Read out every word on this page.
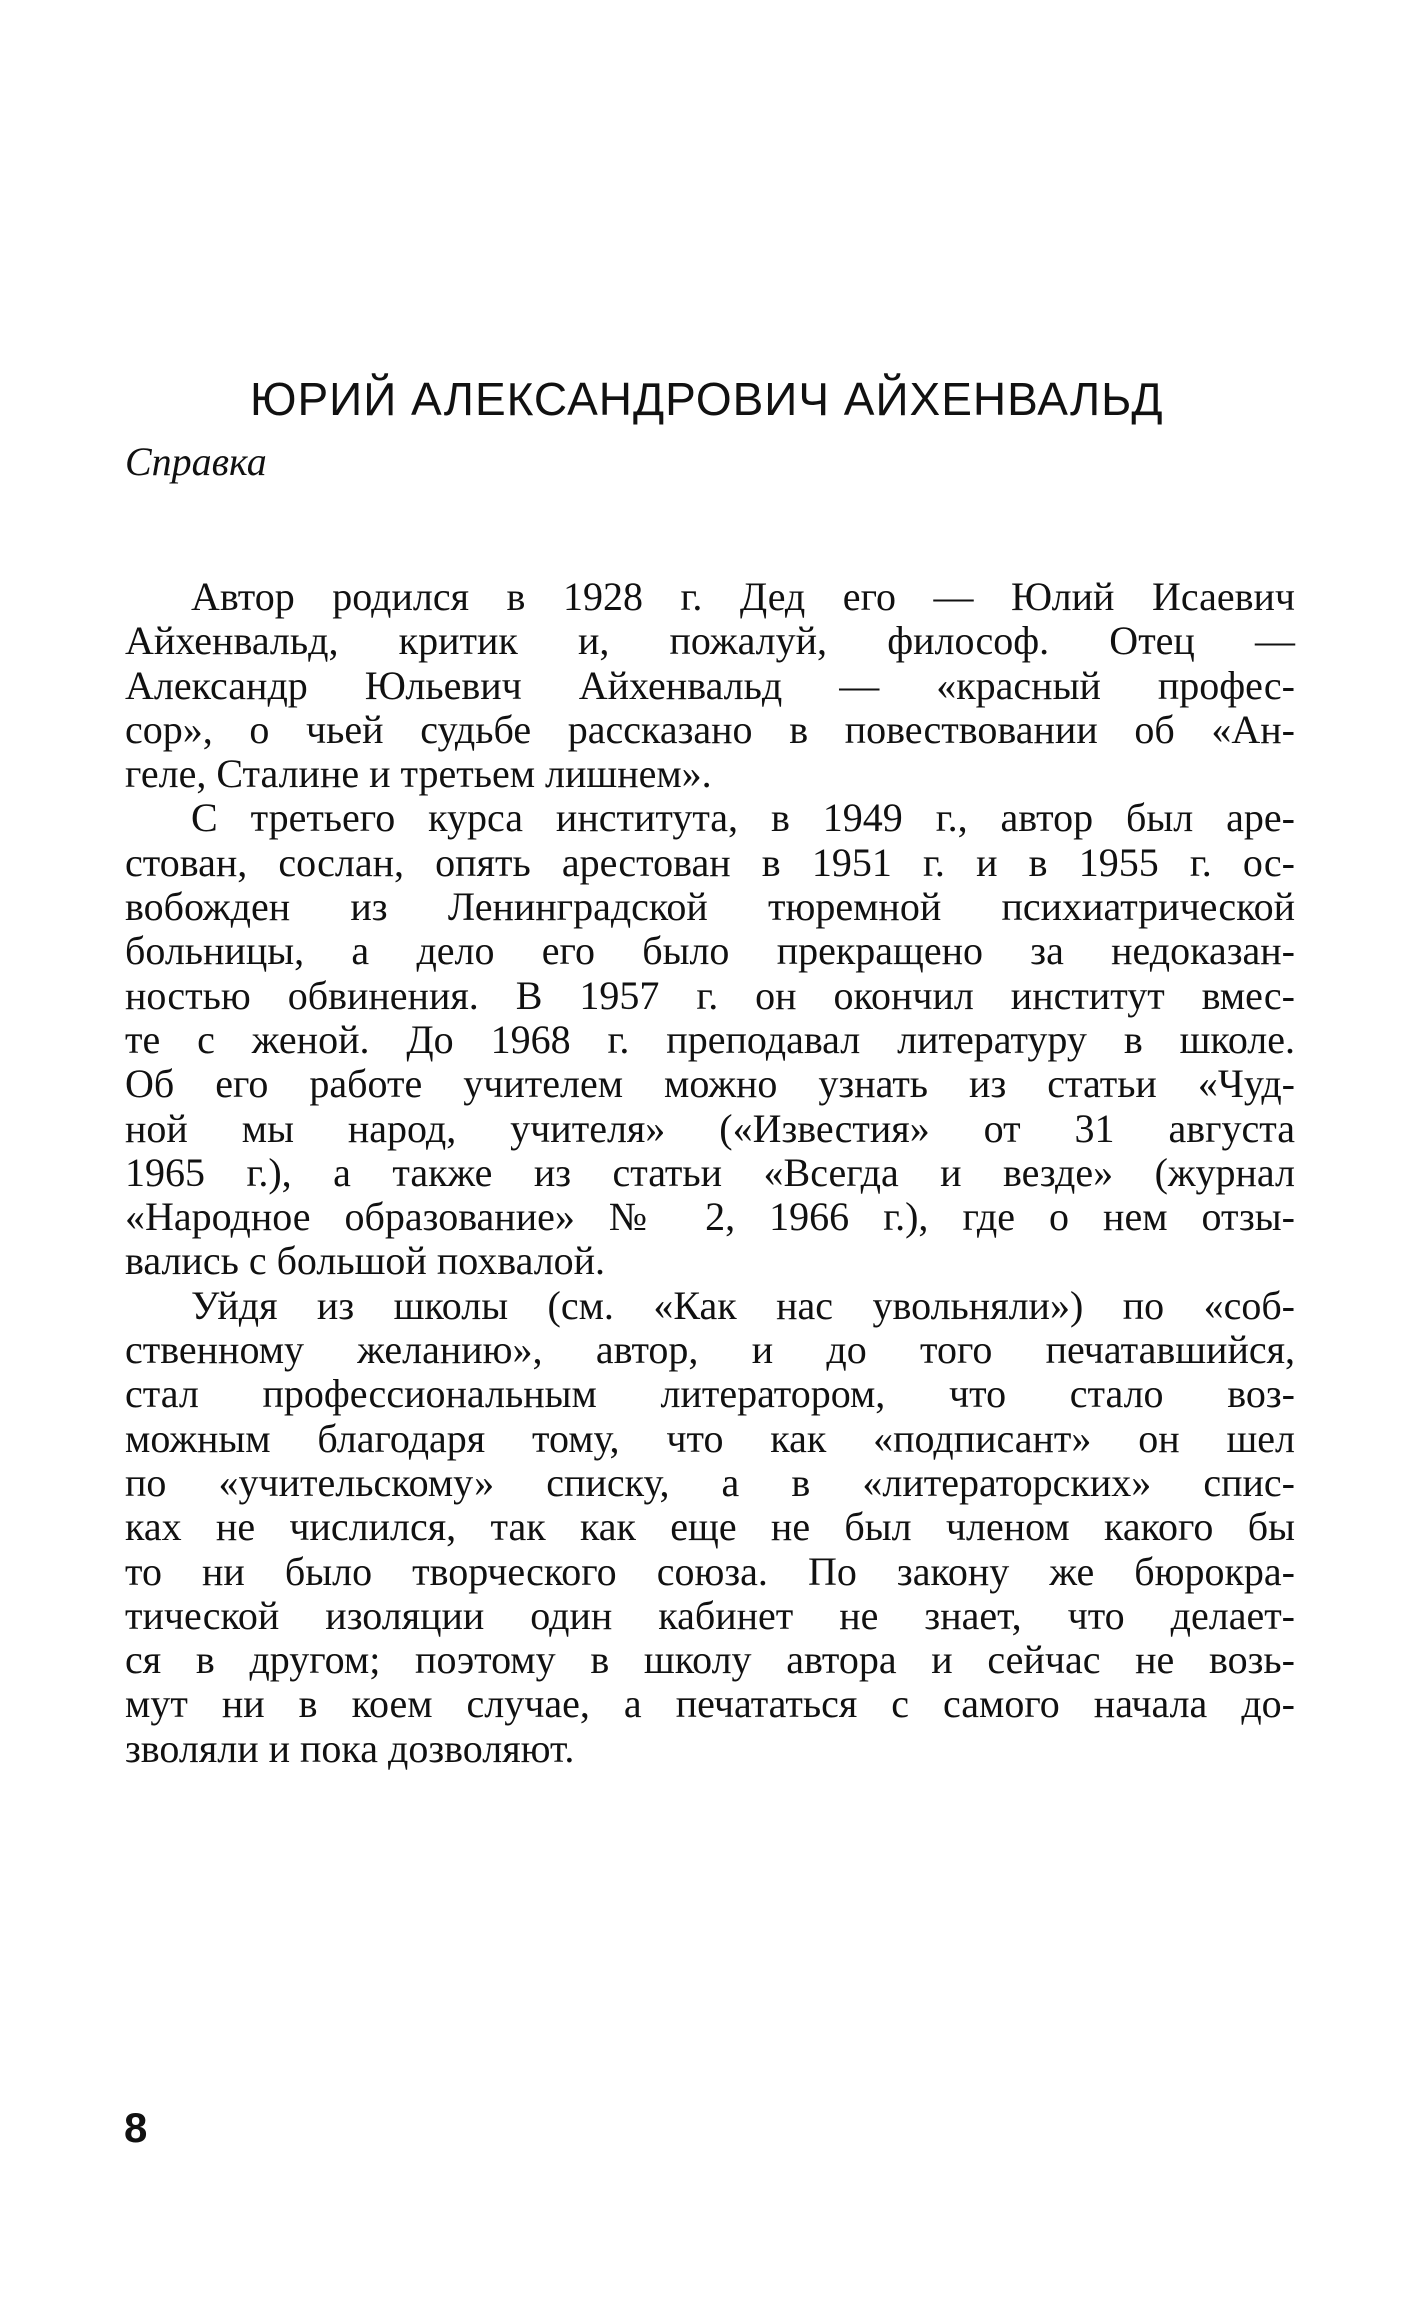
ЮРИЙ АЛЕКСАНДРОВИЧ АЙХЕНВАЛЬД
Справка
Автор родился в 1928 г. Дед его — Юлий Исаевич
Айхенвальд, критик и, пожалуй, философ. Отец —
Александр Юльевич Айхенвальд — «красный профес-
сор», о чьей судьбе рассказано в повествовании об «Ан-
геле, Сталине и третьем лишнем».
С третьего курса института, в 1949 г., автор был аре-
стован, сослан, опять арестован в 1951 г. и в 1955 г. ос-
вобожден из Ленинградской тюремной психиатрической
больницы, а дело его было прекращено за недоказан-
ностью обвинения. В 1957 г. он окончил институт вмес-
те с женой. До 1968 г. преподавал литературу в школе.
Об его работе учителем можно узнать из статьи «Чуд-
ной мы народ, учителя» («Известия» от 31 августа
1965 г.), а также из статьи «Всегда и везде» (журнал
«Народное образование» № 2, 1966 г.), где о нем отзы-
вались с большой похвалой.
Уйдя из школы (см. «Как нас увольняли») по «соб-
ственному желанию», автор, и до того печатавшийся,
стал профессиональным литератором, что стало воз-
можным благодаря тому, что как «подписант» он шел
по «учительскому» списку, а в «литераторских» спис-
ках не числился, так как еще не был членом какого бы
то ни было творческого союза. По закону же бюрокра-
тической изоляции один кабинет не знает, что делает-
ся в другом; поэтому в школу автора и сейчас не возь-
мут ни в коем случае, а печататься с самого начала до-
зволяли и пока дозволяют.
8
